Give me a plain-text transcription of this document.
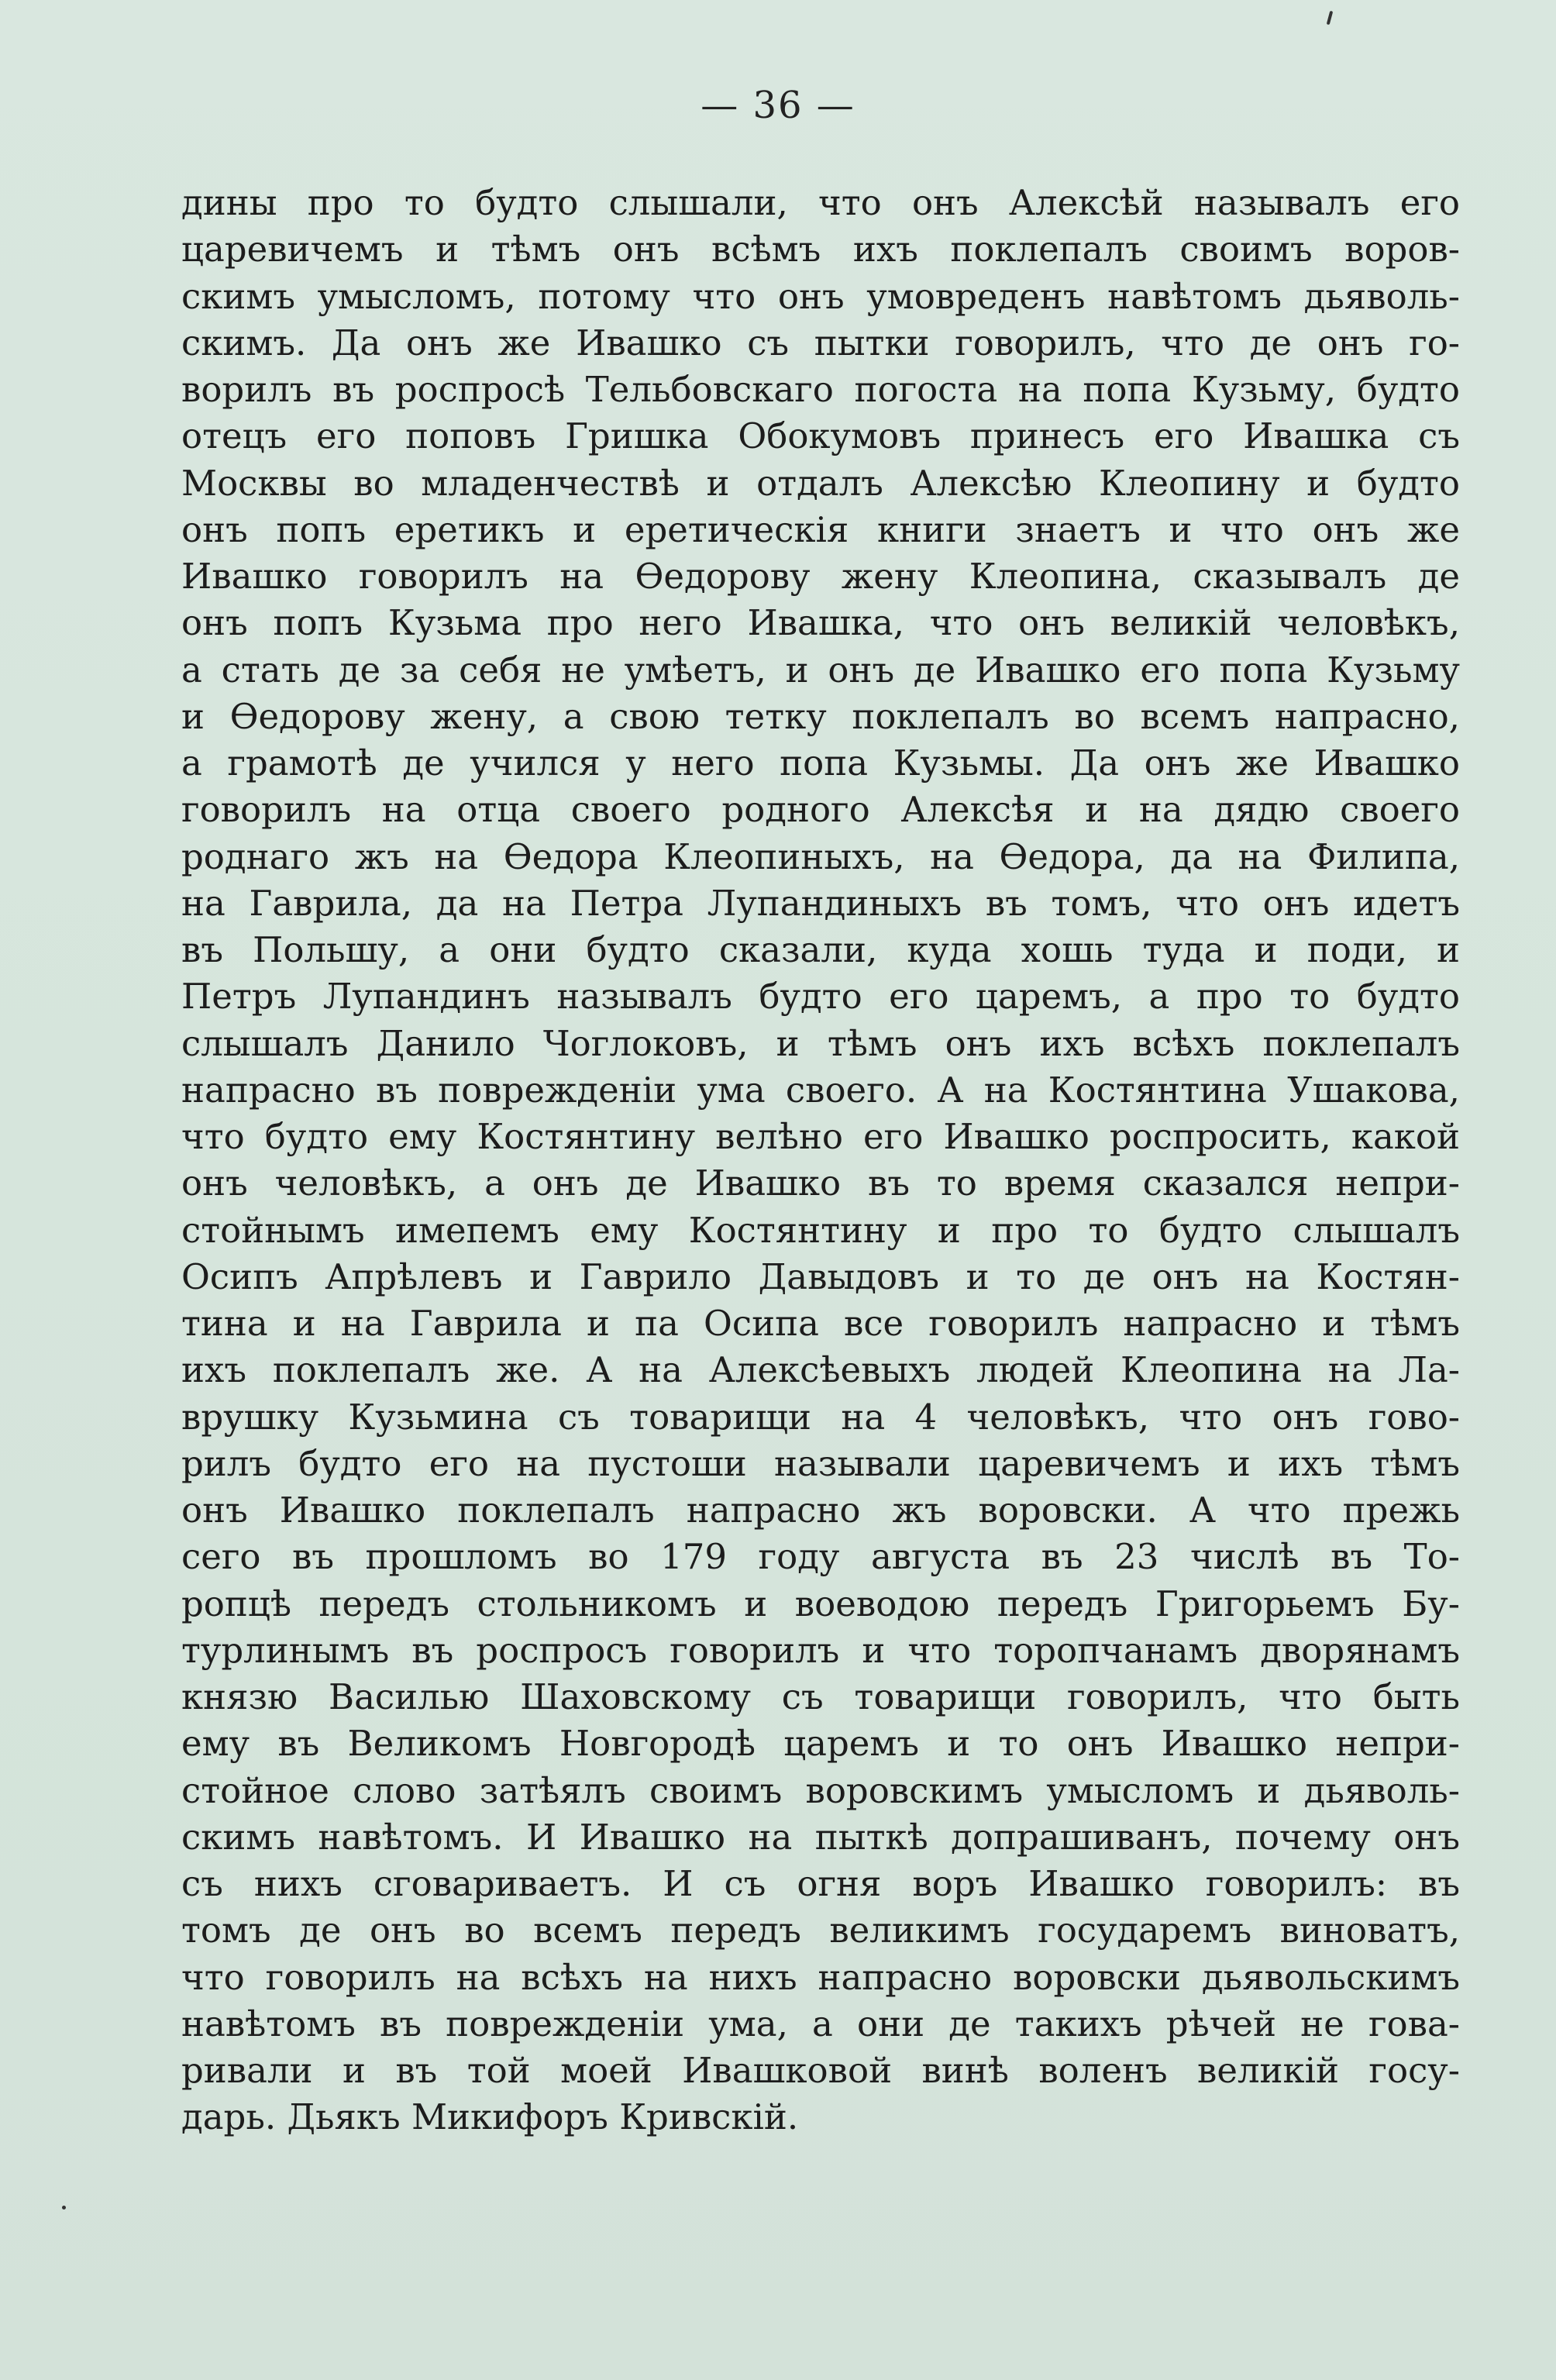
— 36 —
дины про то будто слышали, что онъ Алексѣй называлъ его
царевичемъ и тѣмъ онъ всѣмъ ихъ поклепалъ своимъ воров-
скимъ умысломъ, потому что онъ умовреденъ навѣтомъ дьяволь-
скимъ. Да онъ же Ивашко съ пытки говорилъ, что де онъ го-
ворилъ въ роспросѣ Тельбовскаго погоста на попа Кузьму, будто
отецъ его поповъ Гришка Обокумовъ принесъ его Ивашка съ
Москвы во младенчествѣ и отдалъ Алексѣю Клеопину и будто
онъ попъ еретикъ и еретическія книги знаетъ и что онъ же
Ивашко говорилъ на Ѳедорову жену Клеопина, сказывалъ де
онъ попъ Кузьма про него Ивашка, что онъ великій человѣкъ,
а стать де за себя не умѣетъ, и онъ де Ивашко его попа Кузьму
и Ѳедорову жену, а свою тетку поклепалъ во всемъ напрасно,
а грамотѣ де учился у него попа Кузьмы. Да онъ же Ивашко
говорилъ на отца своего родного Алексѣя и на дядю своего
роднаго жъ на Ѳедора Клеопиныхъ, на Ѳедора, да на Филипа,
на Гаврила, да на Петра Лупандиныхъ въ томъ, что онъ идетъ
въ Польшу, а они будто сказали, куда хошь туда и поди, и
Петръ Лупандинъ называлъ будто его царемъ, а про то будто
слышалъ Данило Чоглоковъ, и тѣмъ онъ ихъ всѣхъ поклепалъ
напрасно въ поврежденіи ума своего. А на Костянтина Ушакова,
что будто ему Костянтину велѣно его Ивашко роспросить, какой
онъ человѣкъ, а онъ де Ивашко въ то время сказался непри-
стойнымъ имепемъ ему Костянтину и про то будто слышалъ
Осипъ Апрѣлевъ и Гаврило Давыдовъ и то де онъ на Костян-
тина и на Гаврила и па Осипа все говорилъ напрасно и тѣмъ
ихъ поклепалъ же. А на Алексѣевыхъ людей Клеопина на Ла-
врушку Кузьмина съ товарищи на 4 человѣкъ, что онъ гово-
рилъ будто его на пустоши называли царевичемъ и ихъ тѣмъ
онъ Ивашко поклепалъ напрасно жъ воровски. А что прежь
сего въ прошломъ во 179 году августа въ 23 числѣ въ То-
ропцѣ передъ стольникомъ и воеводою передъ Григорьемъ Бу-
турлинымъ въ роспросъ говорилъ и что торопчанамъ дворянамъ
князю Василью Шаховскому съ товарищи говорилъ, что быть
ему въ Великомъ Новгородѣ царемъ и то онъ Ивашко непри-
стойное слово затѣялъ своимъ воровскимъ умысломъ и дьяволь-
скимъ навѣтомъ. И Ивашко на пыткѣ допрашиванъ, почему онъ
съ нихъ сговариваетъ. И съ огня воръ Ивашко говорилъ: въ
томъ де онъ во всемъ передъ великимъ государемъ виноватъ,
что говорилъ на всѣхъ на нихъ напрасно воровски дьявольскимъ
навѣтомъ въ поврежденіи ума, а они де такихъ рѣчей не гова-
ривали и въ той моей Ивашковой винѣ воленъ великій госу-
дарь. Дьякъ Микифоръ Кривскій.
